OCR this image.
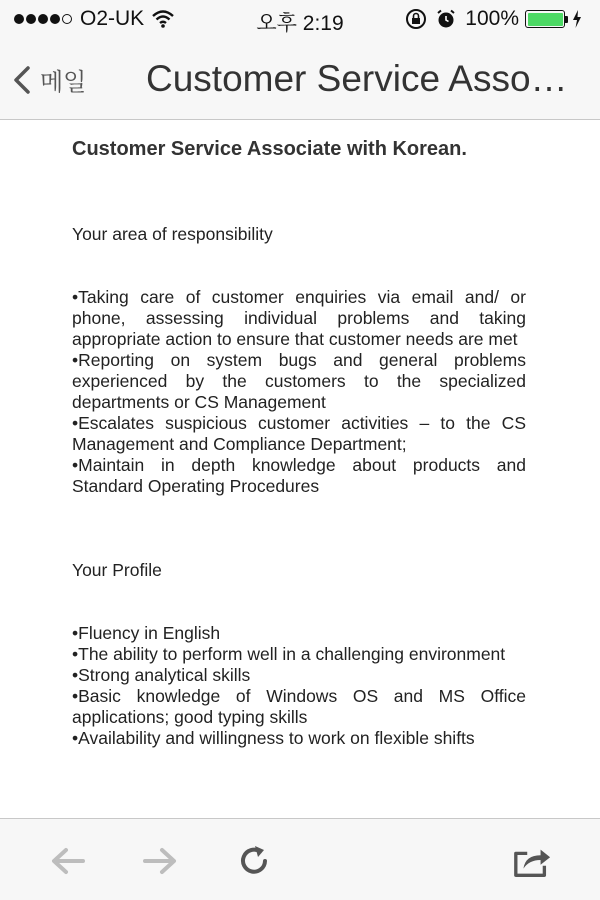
O2-UK	오후 2:19	100%
메일 Customer Service Assoc…

Customer Service Associate with Korean.

Your area of responsibility

•Taking care of customer enquiries via email and/ or phone, assessing individual problems and taking appropriate action to ensure that customer needs are met

•Reporting on system bugs and general problems experienced by the customers to the specialized departments or CS Management

•Escalates suspicious customer activities – to the CS Management and Compliance Department;

•Maintain in depth knowledge about products and Standard Operating Procedures

Your Profile

•Fluency in English

•The ability to perform well in a challenging environment

•Strong analytical skills

•Basic knowledge of Windows OS and MS Office applications; good typing skills

•Availability and willingness to work on flexible shifts
